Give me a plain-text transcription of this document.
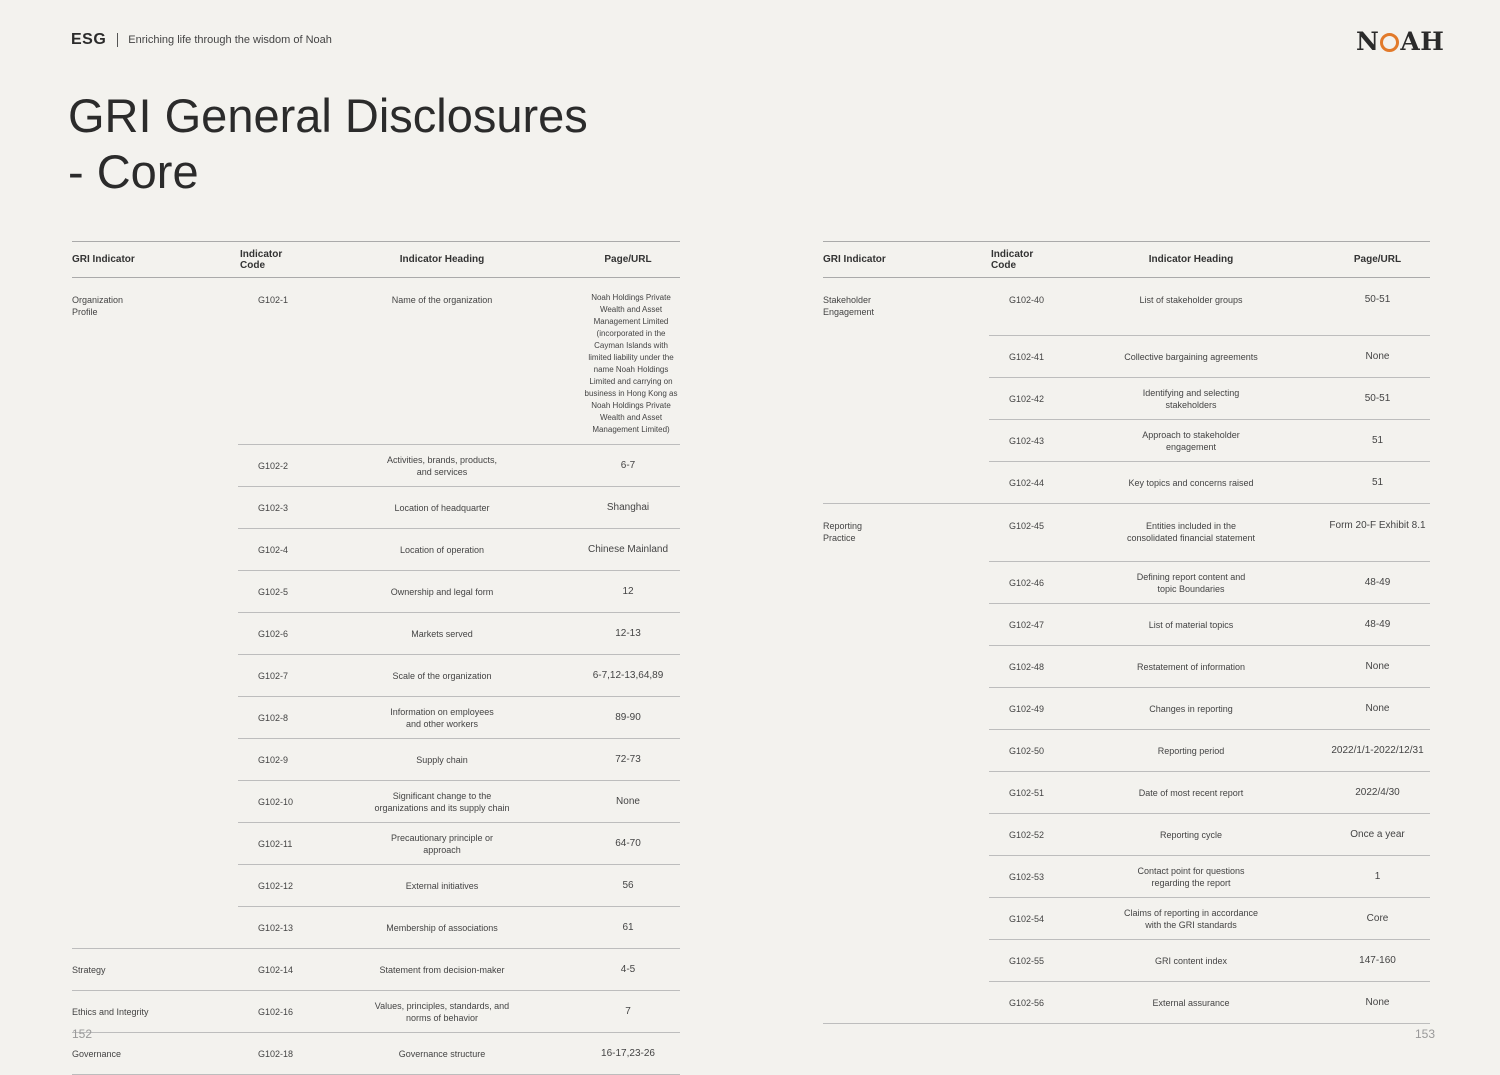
ESG Enriching life through the wisdom of Noah	N AH
GRI General Disclosures
- Core
GRI Indicator	Indicator Code	Indicator Heading	Page/URL
Organization
Profile	G102-1	Name of the organization	Noah Holdings Private Wealth and Asset Management Limited (incorporated in the Cayman Islands with limited liability under the name Noah Holdings Limited and carrying on business in Hong Kong as Noah Holdings Private Wealth and Asset Management Limited)
	G102-2	Activities, brands, products,
and services	6-7
	G102-3	Location of headquarter	Shanghai
	G102-4	Location of operation	Chinese Mainland
	G102-5	Ownership and legal form	12
	G102-6	Markets served	12-13
	G102-7	Scale of the organization	6-7,12-13,64,89
	G102-8	Information on employees
and other workers	89-90
	G102-9	Supply chain	72-73
	G102-10	Significant change to the
organizations and its supply chain	None
	G102-11	Precautionary principle or
approach	64-70
	G102-12	External initiatives	56
	G102-13	Membership of associations	61
Strategy	G102-14	Statement from decision-maker	4-5
Ethics and Integrity	G102-16	Values, principles, standards, and
norms of behavior	7
Governance	G102-18	Governance structure	16-17,23-26
GRI Indicator	Indicator Code	Indicator Heading	Page/URL
Stakeholder
Engagement	G102-40	List of stakeholder groups	50-51
	G102-41	Collective bargaining agreements	None
	G102-42	Identifying and selecting
stakeholders	50-51
	G102-43	Approach to stakeholder
engagement	51
	G102-44	Key topics and concerns raised	51
Reporting
Practice	G102-45	Entities included in the
consolidated financial statement	Form 20-F Exhibit 8.1
	G102-46	Defining report content and
topic Boundaries	48-49
	G102-47	List of material topics	48-49
	G102-48	Restatement of information	None
	G102-49	Changes in reporting	None
	G102-50	Reporting period	2022/1/1-2022/12/31
	G102-51	Date of most recent report	2022/4/30
	G102-52	Reporting cycle	Once a year
	G102-53	Contact point for questions
regarding the report	1
	G102-54	Claims of reporting in accordance
with the GRI standards	Core
	G102-55	GRI content index	147-160
	G102-56	External assurance	None
152	153
